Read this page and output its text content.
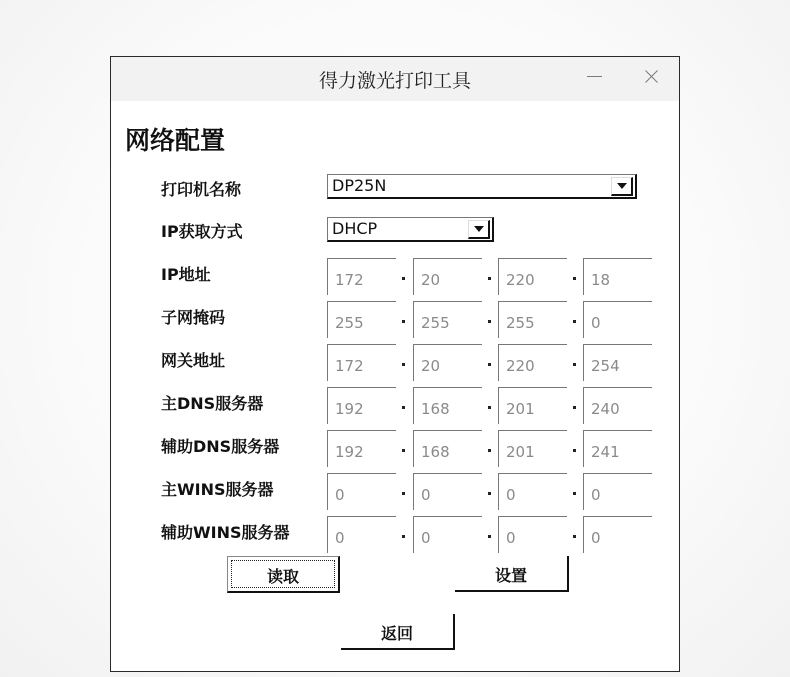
得力激光打印工具
网络配置
打印机名称	DP25N
IP获取方式	DHCP
读取	设置
返回
IP地址	172	20	220	18
子网掩码	255	255	255	0
网关地址	172	20	220	254
主DNS服务器	192	168	201	240
辅助DNS服务器	192	168	201	241
主WINS服务器	0	0	0	0
辅助WINS服务器	0	0	0	0
